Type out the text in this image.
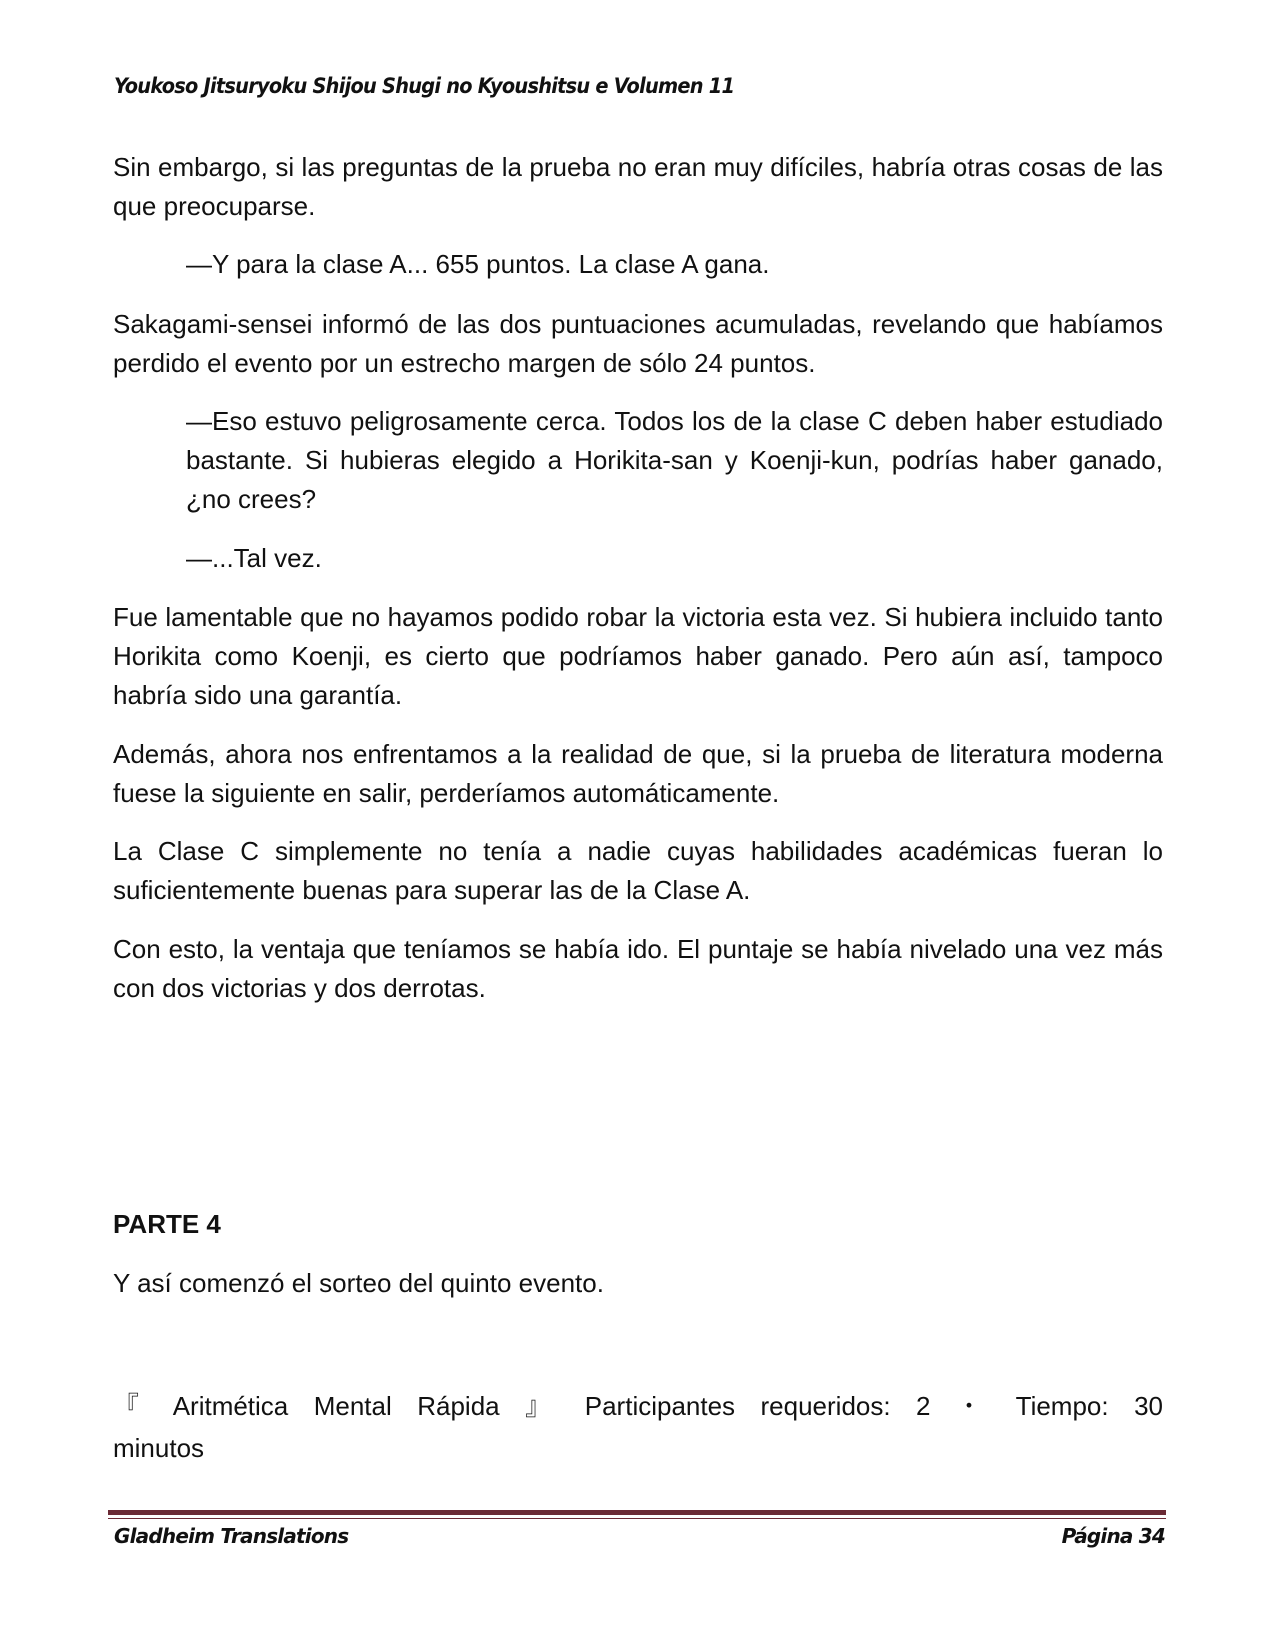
Youkoso Jitsuryoku Shijou Shugi no Kyoushitsu e Volumen 11

Sin embargo, si las preguntas de la prueba no eran muy difíciles, habría otras cosas de las que preocuparse.

—Y para la clase A... 655 puntos. La clase A gana.

Sakagami-sensei informó de las dos puntuaciones acumuladas, revelando que habíamos perdido el evento por un estrecho margen de sólo 24 puntos.

—Eso estuvo peligrosamente cerca. Todos los de la clase C deben haber estudiado bastante. Si hubieras elegido a Horikita-san y Koenji-kun, podrías haber ganado, ¿no crees?

—...Tal vez.

Fue lamentable que no hayamos podido robar la victoria esta vez. Si hubiera incluido tanto Horikita como Koenji, es cierto que podríamos haber ganado. Pero aún así, tampoco habría sido una garantía.

Además, ahora nos enfrentamos a la realidad de que, si la prueba de literatura moderna fuese la siguiente en salir, perderíamos automáticamente.

La Clase C simplemente no tenía a nadie cuyas habilidades académicas fueran lo suficientemente buenas para superar las de la Clase A.

Con esto, la ventaja que teníamos se había ido. El puntaje se había nivelado una vez más con dos victorias y dos derrotas.

PARTE 4

Y así comenzó el sorteo del quinto evento.

『 Aritmética Mental Rápida 』 Participantes requeridos: 2 ・ Tiempo: 30 minutos

Gladheim Translations	Página 34
